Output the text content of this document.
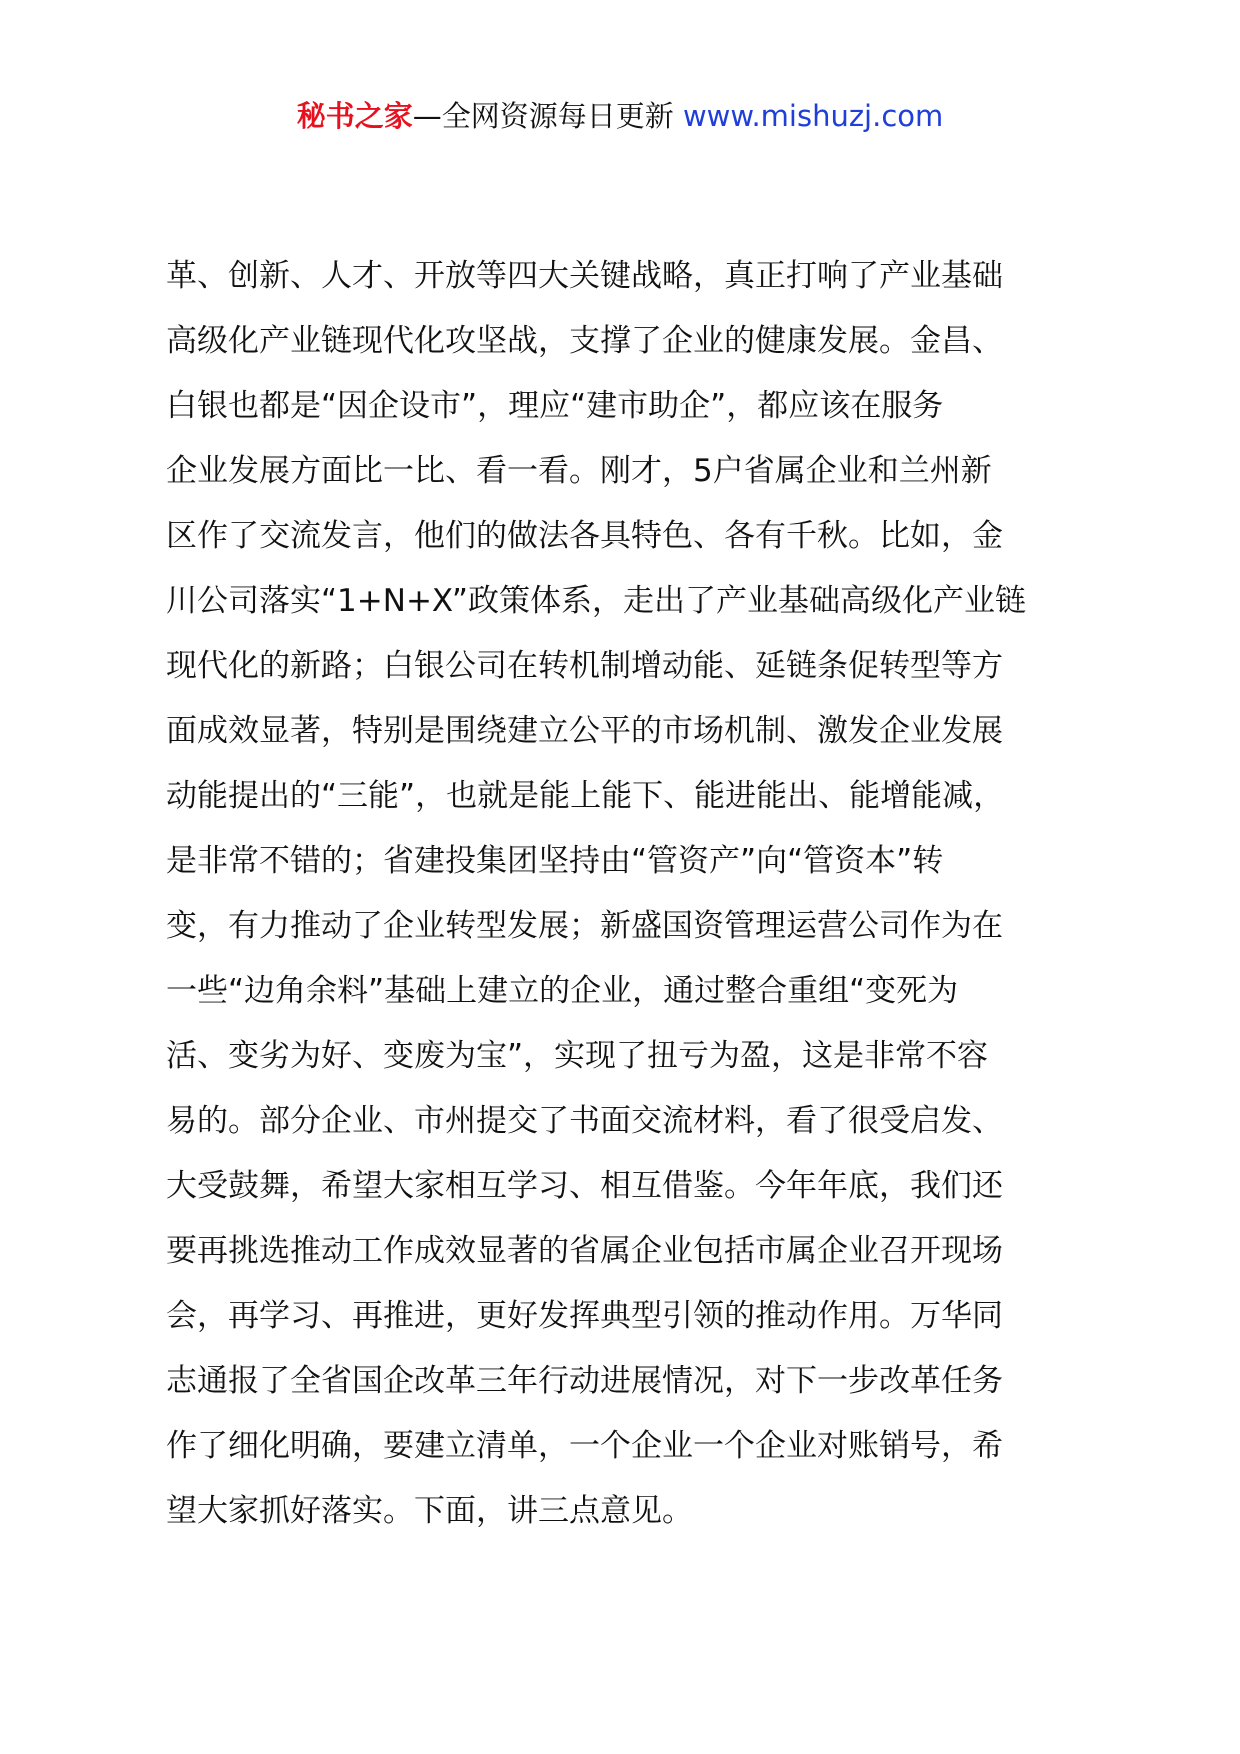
秘书之家—全网资源每日更新 www.mishuzj.com
革、创新、人才、开放等四大关键战略，真正打响了产业基础
高级化产业链现代化攻坚战，支撑了企业的健康发展。金昌、
白银也都是“因企设市”，理应“建市助企”，都应该在服务
企业发展方面比一比、看一看。刚才，5户省属企业和兰州新
区作了交流发言，他们的做法各具特色、各有千秋。比如，金
川公司落实“1+N+X”政策体系，走出了产业基础高级化产业链
现代化的新路；白银公司在转机制增动能、延链条促转型等方
面成效显著，特别是围绕建立公平的市场机制、激发企业发展
动能提出的“三能”，也就是能上能下、能进能出、能增能减，
是非常不错的；省建投集团坚持由“管资产”向“管资本”转
变，有力推动了企业转型发展；新盛国资管理运营公司作为在
一些“边角余料”基础上建立的企业，通过整合重组“变死为
活、变劣为好、变废为宝”，实现了扭亏为盈，这是非常不容
易的。部分企业、市州提交了书面交流材料，看了很受启发、
大受鼓舞，希望大家相互学习、相互借鉴。今年年底，我们还
要再挑选推动工作成效显著的省属企业包括市属企业召开现场
会，再学习、再推进，更好发挥典型引领的推动作用。万华同
志通报了全省国企改革三年行动进展情况，对下一步改革任务
作了细化明确，要建立清单，一个企业一个企业对账销号，希
望大家抓好落实。下面，讲三点意见。
